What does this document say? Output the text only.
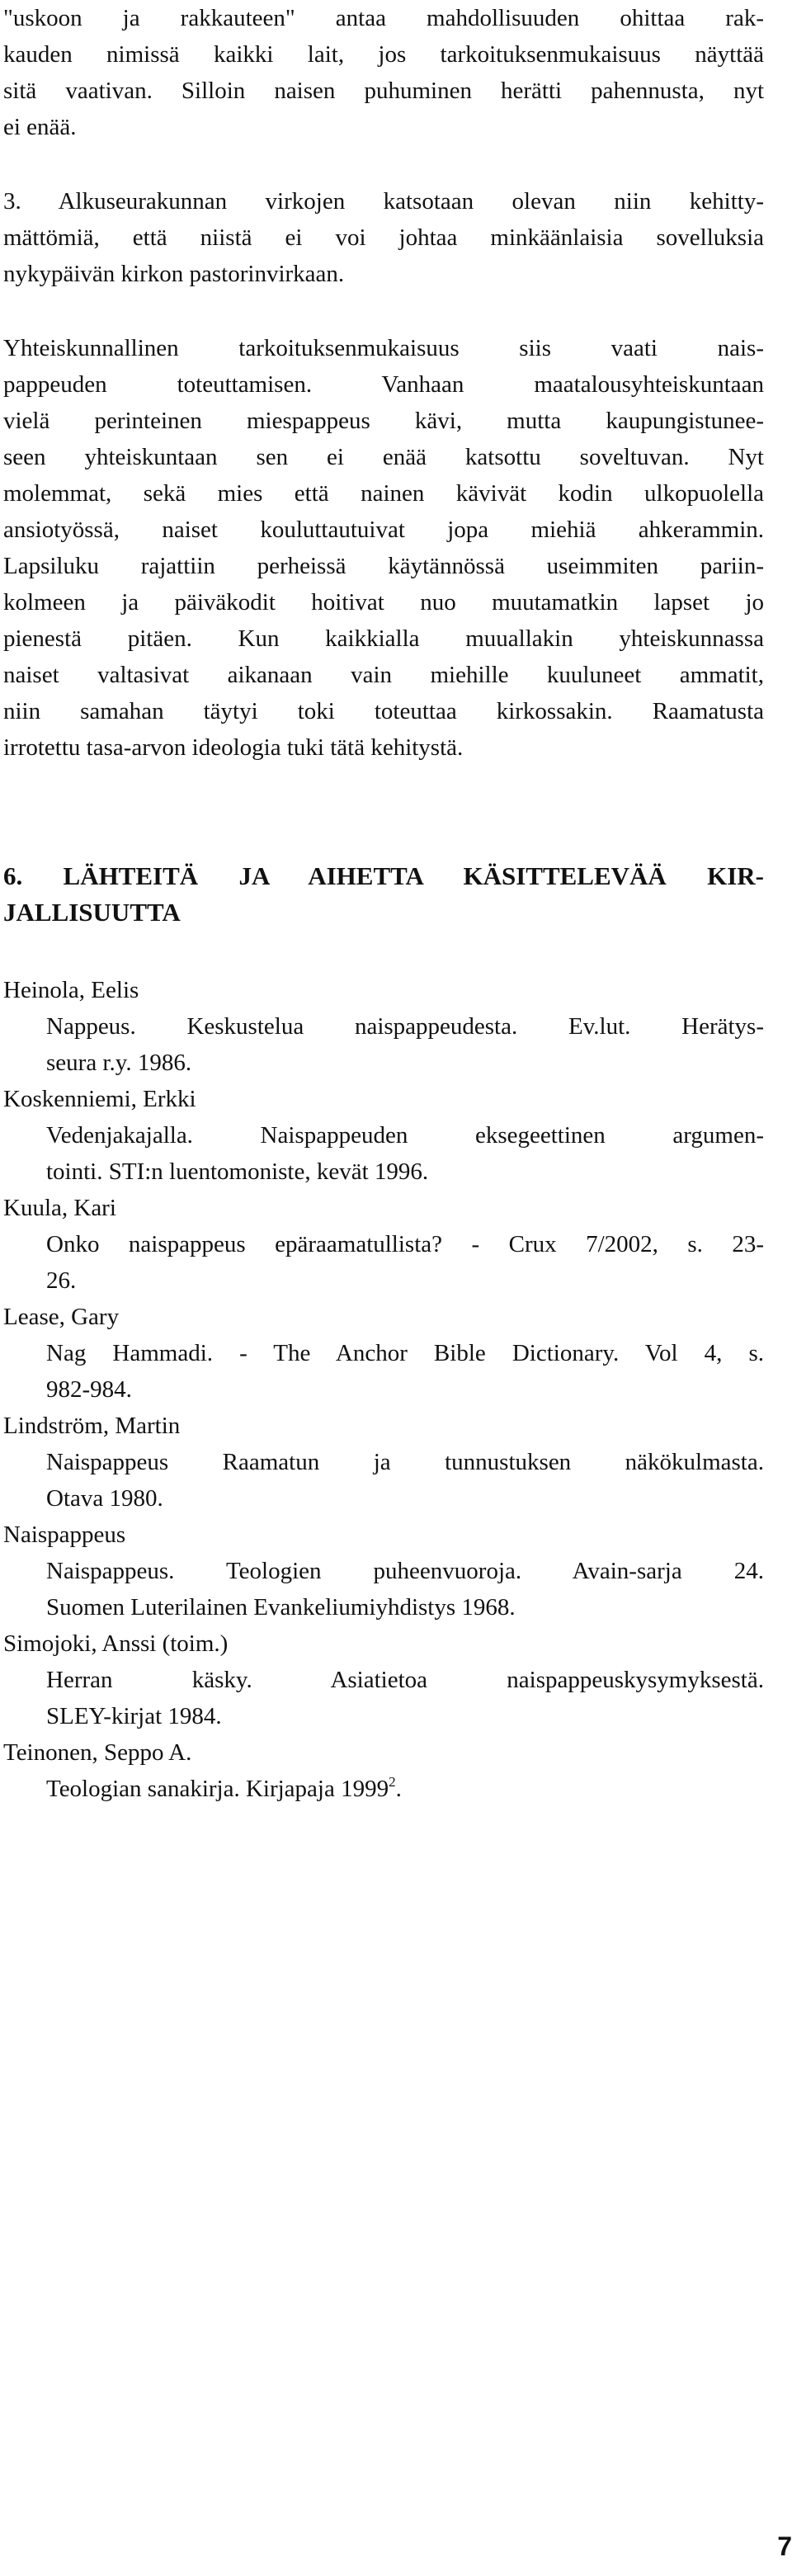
"uskoon ja rakkauteen" antaa mahdollisuuden ohittaa rak-
kauden nimissä kaikki lait, jos tarkoituksenmukaisuus näyttää
sitä vaativan. Silloin naisen puhuminen herätti pahennusta, nyt
ei enää.
3. Alkuseurakunnan virkojen katsotaan olevan niin kehitty-
mättömiä, että niistä ei voi johtaa minkäänlaisia sovelluksia
nykypäivän kirkon pastorinvirkaan.
Yhteiskunnallinen tarkoituksenmukaisuus siis vaati nais-
pappeuden toteuttamisen. Vanhaan maatalousyhteiskuntaan
vielä perinteinen miespappeus kävi, mutta kaupungistunee-
seen yhteiskuntaan sen ei enää katsottu soveltuvan. Nyt
molemmat, sekä mies että nainen kävivät kodin ulkopuolella
ansiotyössä, naiset kouluttautuivat jopa miehiä ahkerammin.
Lapsiluku rajattiin perheissä käytännössä useimmiten pariin-
kolmeen ja päiväkodit hoitivat nuo muutamatkin lapset jo
pienestä pitäen. Kun kaikkialla muuallakin yhteiskunnassa
naiset valtasivat aikanaan vain miehille kuuluneet ammatit,
niin samahan täytyi toki toteuttaa kirkossakin. Raamatusta
irrotettu tasa-arvon ideologia tuki tätä kehitystä.
6. LÄHTEITÄ JA AIHETTA KÄSITTELEVÄÄ KIR-
JALLISUUTTA
Heinola, Eelis
Nappeus. Keskustelua naispappeudesta. Ev.lut. Herätys-
seura r.y. 1986.
Koskenniemi, Erkki
Vedenjakajalla. Naispappeuden eksegeettinen argumen-
tointi. STI:n luentomoniste, kevät 1996.
Kuula, Kari
Onko naispappeus epäraamatullista? - Crux 7/2002, s. 23-
26.
Lease, Gary
Nag Hammadi. - The Anchor Bible Dictionary. Vol 4, s.
982-984.
Lindström, Martin
Naispappeus Raamatun ja tunnustuksen näkökulmasta.
Otava 1980.
Naispappeus
Naispappeus. Teologien puheenvuoroja. Avain-sarja 24.
Suomen Luterilainen Evankeliumiyhdistys 1968.
Simojoki, Anssi (toim.)
Herran käsky. Asiatietoa naispappeuskysymyksestä.
SLEY-kirjat 1984.
Teinonen, Seppo A.
Teologian sanakirja. Kirjapaja 1999$^2$.
7
